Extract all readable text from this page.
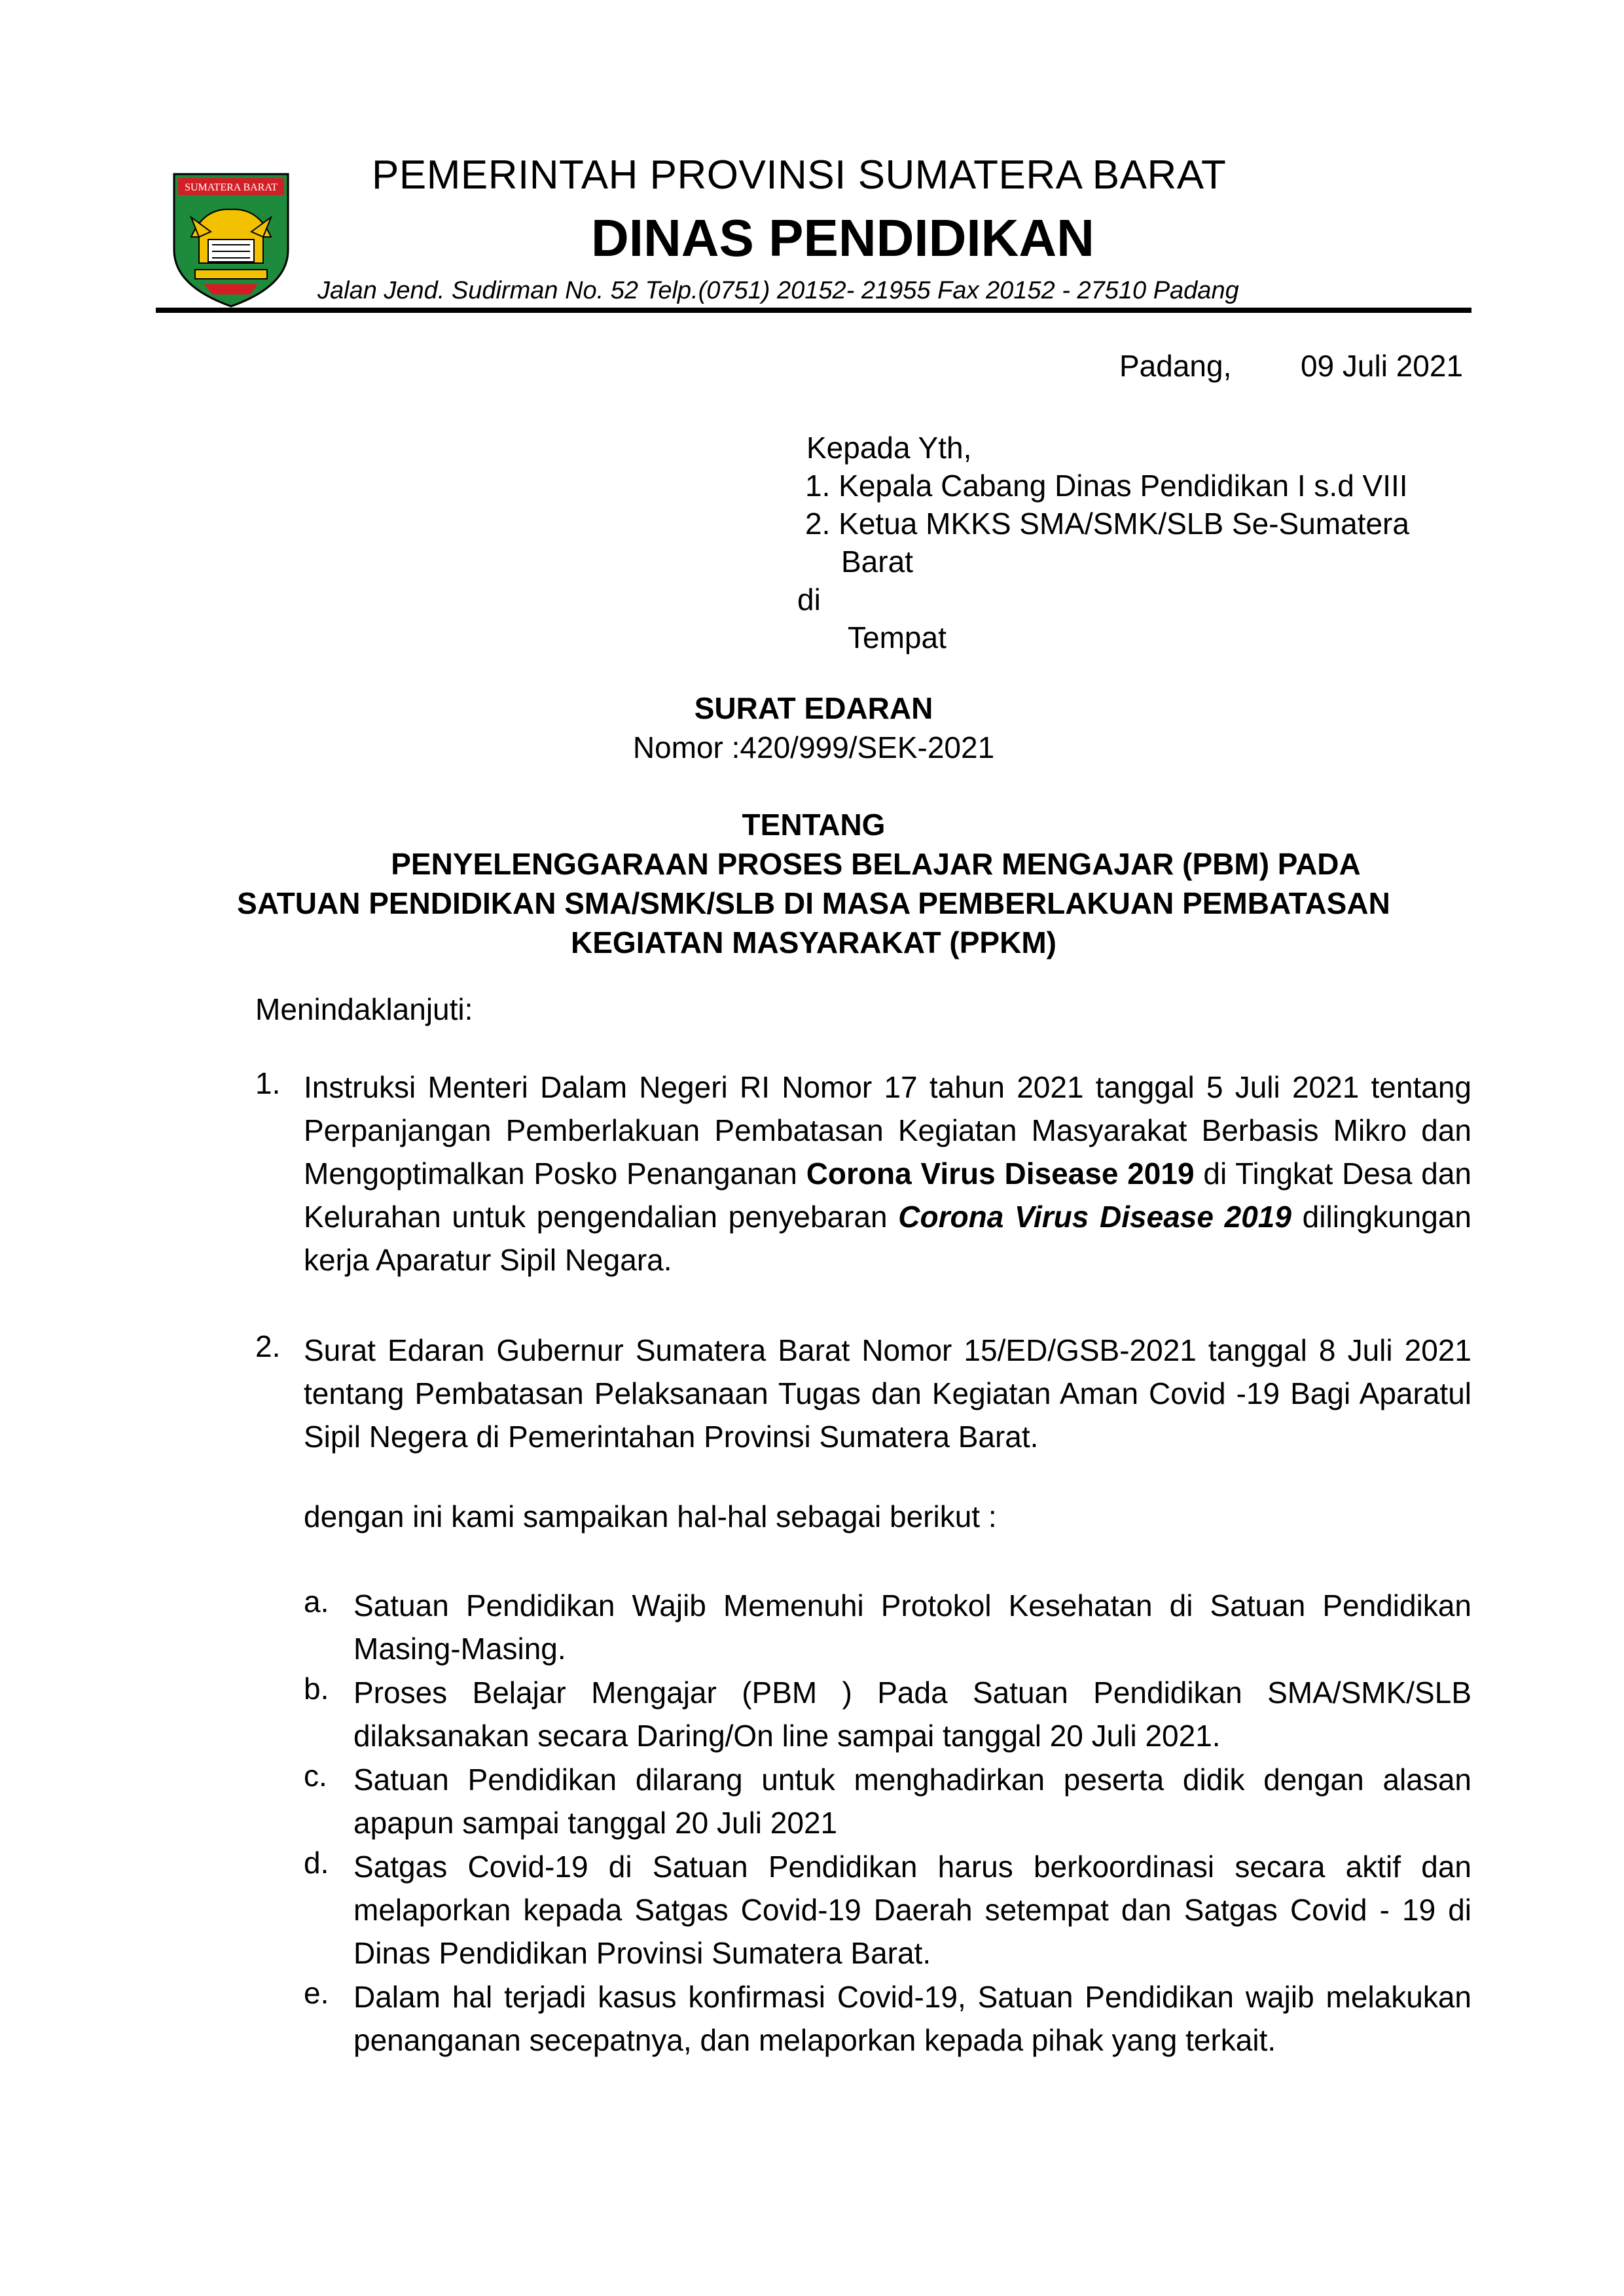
SUMATERA BARAT PEMERINTAH PROVINSI SUMATERA BARAT
DINAS PENDIDIKAN
Jalan Jend. Sudirman No. 52 Telp.(0751) 20152- 21955 Fax 20152 - 27510 Padang
Padang, 09 Juli 2021
Kepada Yth,
1. Kepala Cabang Dinas Pendidikan I s.d VIII
2. Ketua MKKS SMA/SMK/SLB Se-Sumatera
Barat
di
Tempat
SURAT EDARAN
Nomor :420/999/SEK-2021
TENTANG
PENYELENGGARAAN PROSES BELAJAR MENGAJAR (PBM) PADA
SATUAN PENDIDIKAN SMA/SMK/SLB DI MASA PEMBERLAKUAN PEMBATASAN
KEGIATAN MASYARAKAT (PPKM)
Menindaklanjuti:
1. Instruksi Menteri Dalam Negeri RI Nomor 17 tahun 2021 tanggal 5 Juli 2021 tentang Perpanjangan Pemberlakuan Pembatasan Kegiatan Masyarakat Berbasis Mikro dan Mengoptimalkan Posko Penanganan Corona Virus Disease 2019 di Tingkat Desa dan Kelurahan untuk pengendalian penyebaran Corona Virus Disease 2019 dilingkungan kerja Aparatur Sipil Negara.
2. Surat Edaran Gubernur Sumatera Barat Nomor 15/ED/GSB-2021 tanggal 8 Juli 2021 tentang Pembatasan Pelaksanaan Tugas dan Kegiatan Aman Covid -19 Bagi Aparatul Sipil Negera di Pemerintahan Provinsi Sumatera Barat.
dengan ini kami sampaikan hal-hal sebagai berikut :
a. Satuan Pendidikan Wajib Memenuhi Protokol Kesehatan di Satuan Pendidikan Masing-Masing.
b. Proses Belajar Mengajar (PBM ) Pada Satuan Pendidikan SMA/SMK/SLB dilaksanakan secara Daring/On line sampai tanggal 20 Juli 2021.
c. Satuan Pendidikan dilarang untuk menghadirkan peserta didik dengan alasan apapun sampai tanggal 20 Juli 2021
d. Satgas Covid-19 di Satuan Pendidikan harus berkoordinasi secara aktif dan melaporkan kepada Satgas Covid-19 Daerah setempat dan Satgas Covid - 19 di Dinas Pendidikan Provinsi Sumatera Barat.
e. Dalam hal terjadi kasus konfirmasi Covid-19, Satuan Pendidikan wajib melakukan penanganan secepatnya, dan melaporkan kepada pihak yang terkait.
